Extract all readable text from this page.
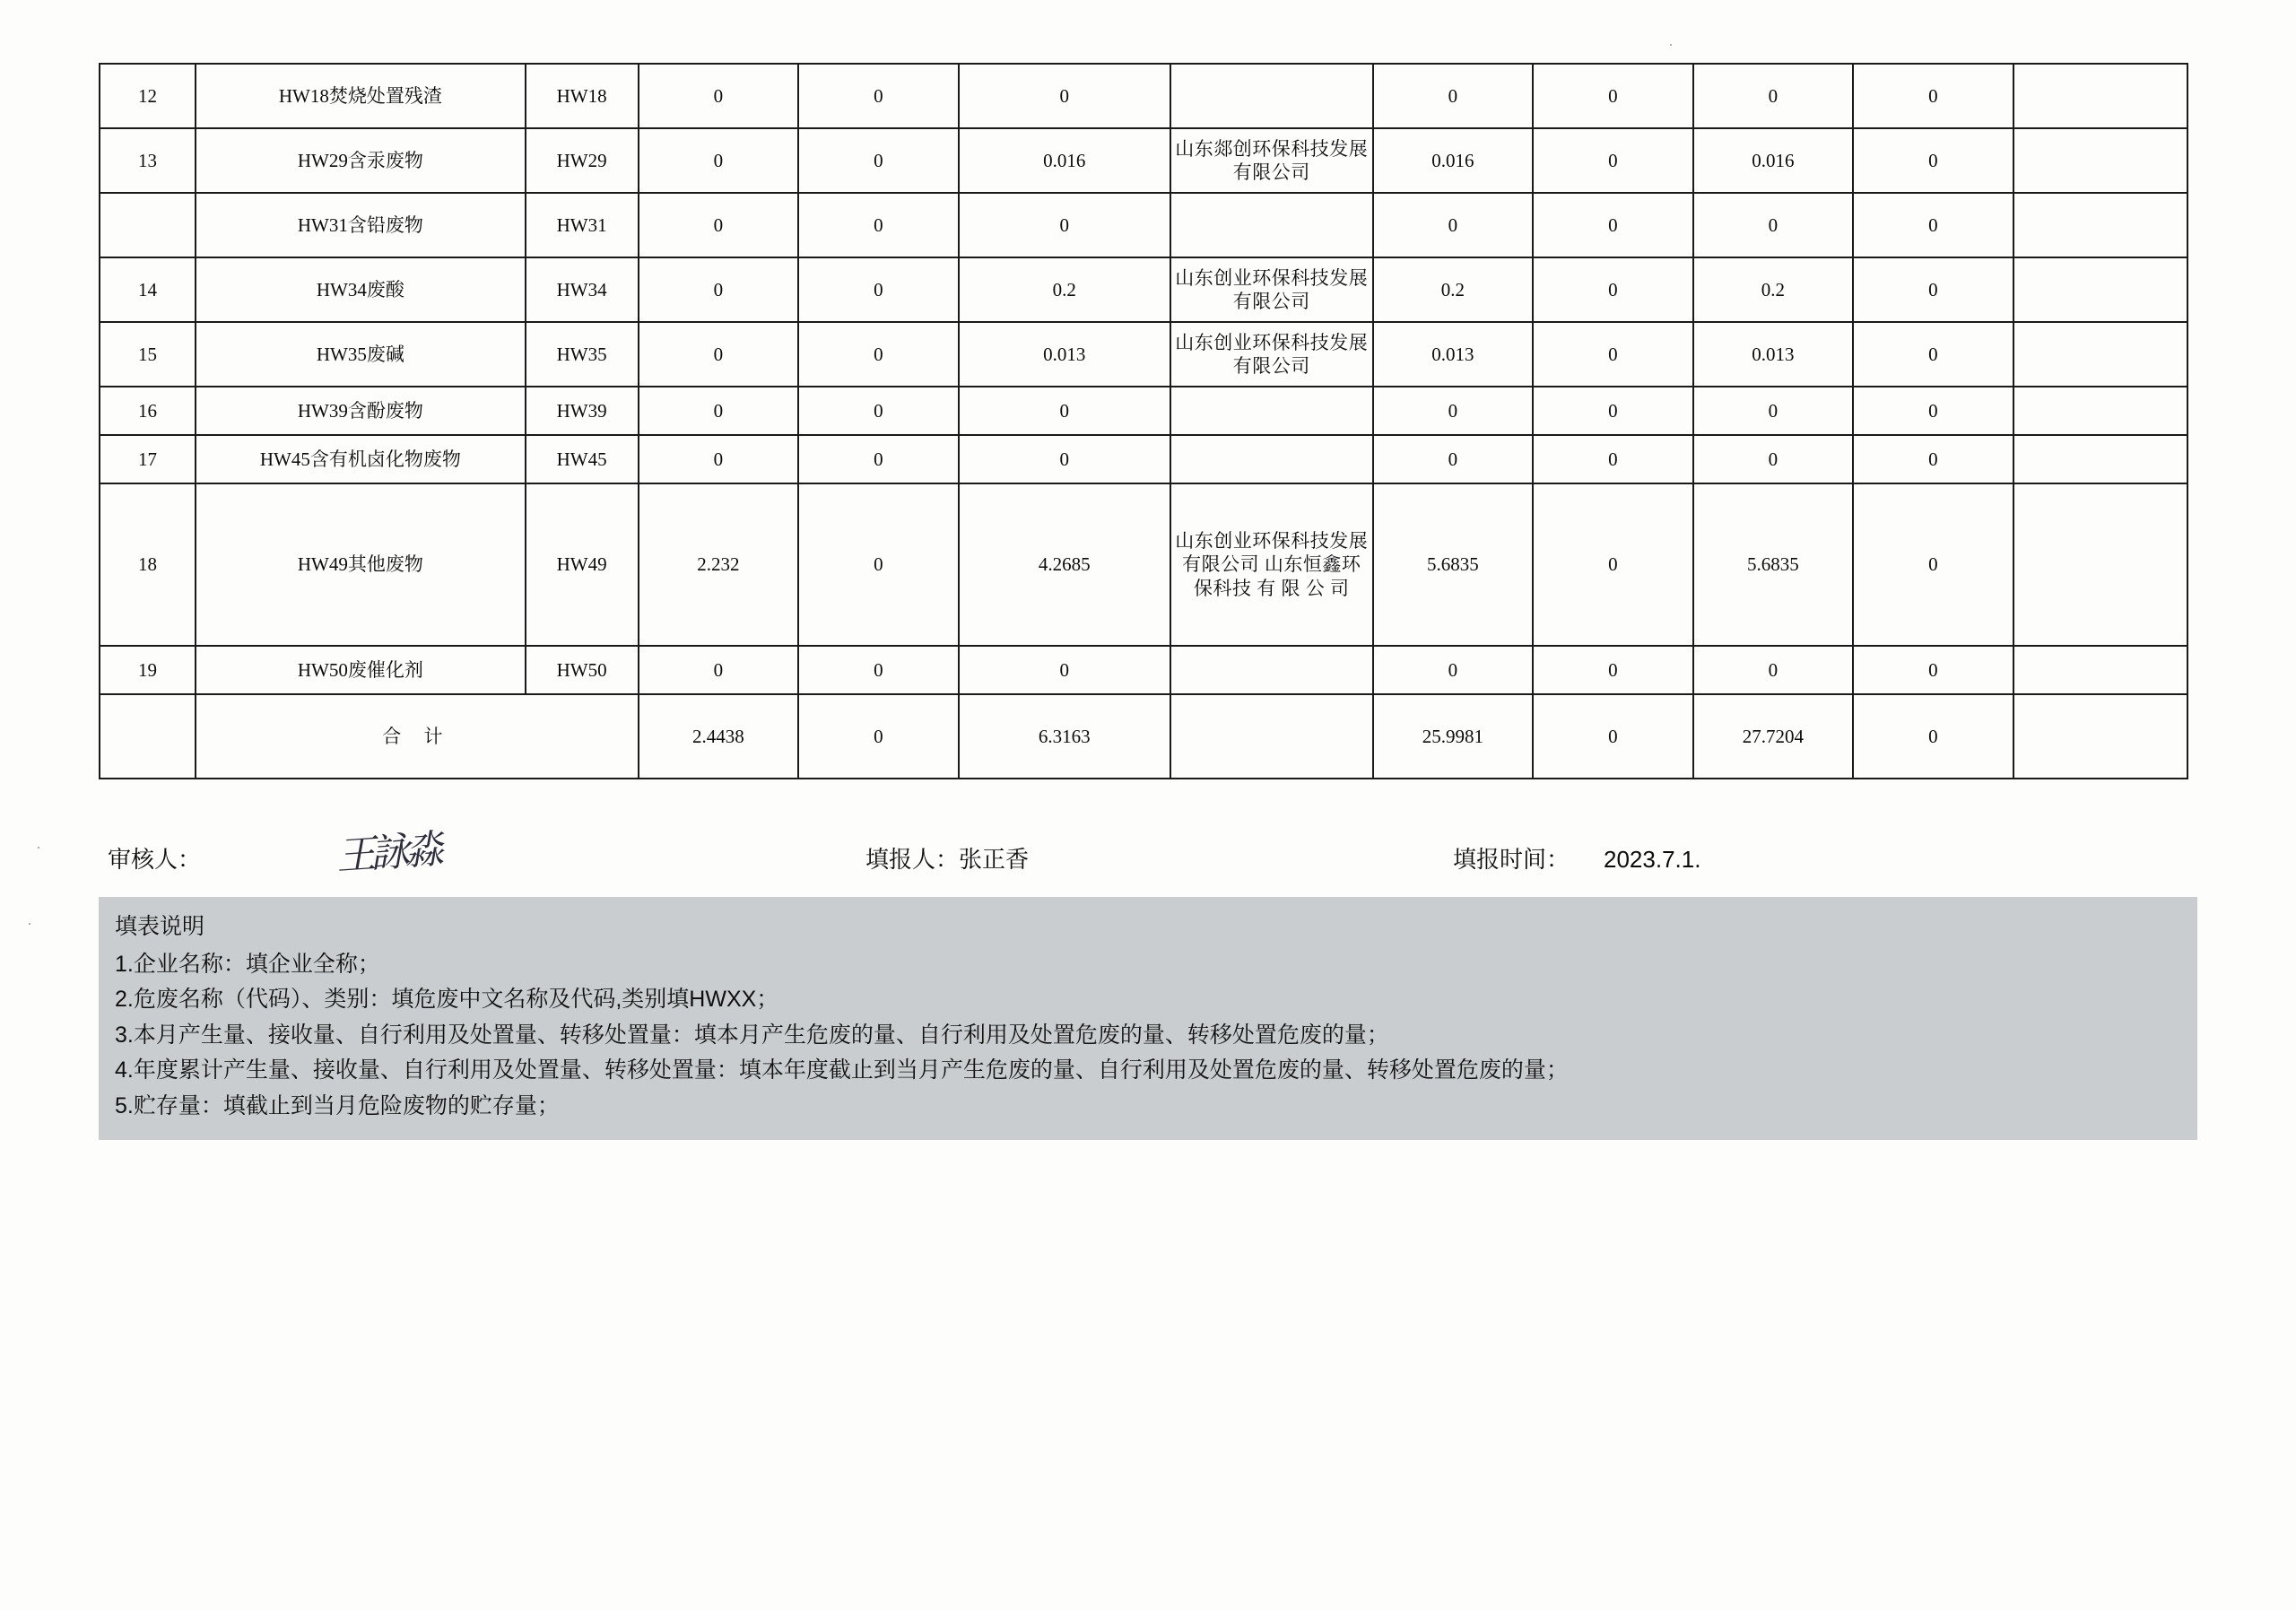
12	HW18焚烧处置残渣	HW18	0	0	0		0	0	0	0	
13	HW29含汞废物	HW29	0	0	0.016	山东郯创环保科技发展有限公司	0.016	0	0.016	0	
	HW31含铅废物	HW31	0	0	0		0	0	0	0	
14	HW34废酸	HW34	0	0	0.2	山东创业环保科技发展有限公司	0.2	0	0.2	0	
15	HW35废碱	HW35	0	0	0.013	山东创业环保科技发展有限公司	0.013	0	0.013	0	
16	HW39含酚废物	HW39	0	0	0		0	0	0	0	
17	HW45含有机卤化物废物	HW45	0	0	0		0	0	0	0	
18	HW49其他废物	HW49	2.232	0	4.2685	山东创业环保科技发展有限公司 山东恒鑫环保科技 有 限 公 司	5.6835	0	5.6835	0	
19	HW50废催化剂	HW50	0	0	0		0	0	0	0	
	合 计		2.4438	0	6.3163		25.9981	0	27.7204	0	
审核人：	王詠淼	填报人：张正香	填报时间： 2023.7.1.
填表说明
1.企业名称：填企业全称；
2.危废名称（代码）、类别：填危废中文名称及代码,类别填HWXX；
3.本月产生量、接收量、自行利用及处置量、转移处置量：填本月产生危废的量、自行利用及处置危废的量、转移处置危废的量；
4.年度累计产生量、接收量、自行利用及处置量、转移处置量：填本年度截止到当月产生危废的量、自行利用及处置危废的量、转移处置危废的量；
5.贮存量：填截止到当月危险废物的贮存量；
·
·
·
